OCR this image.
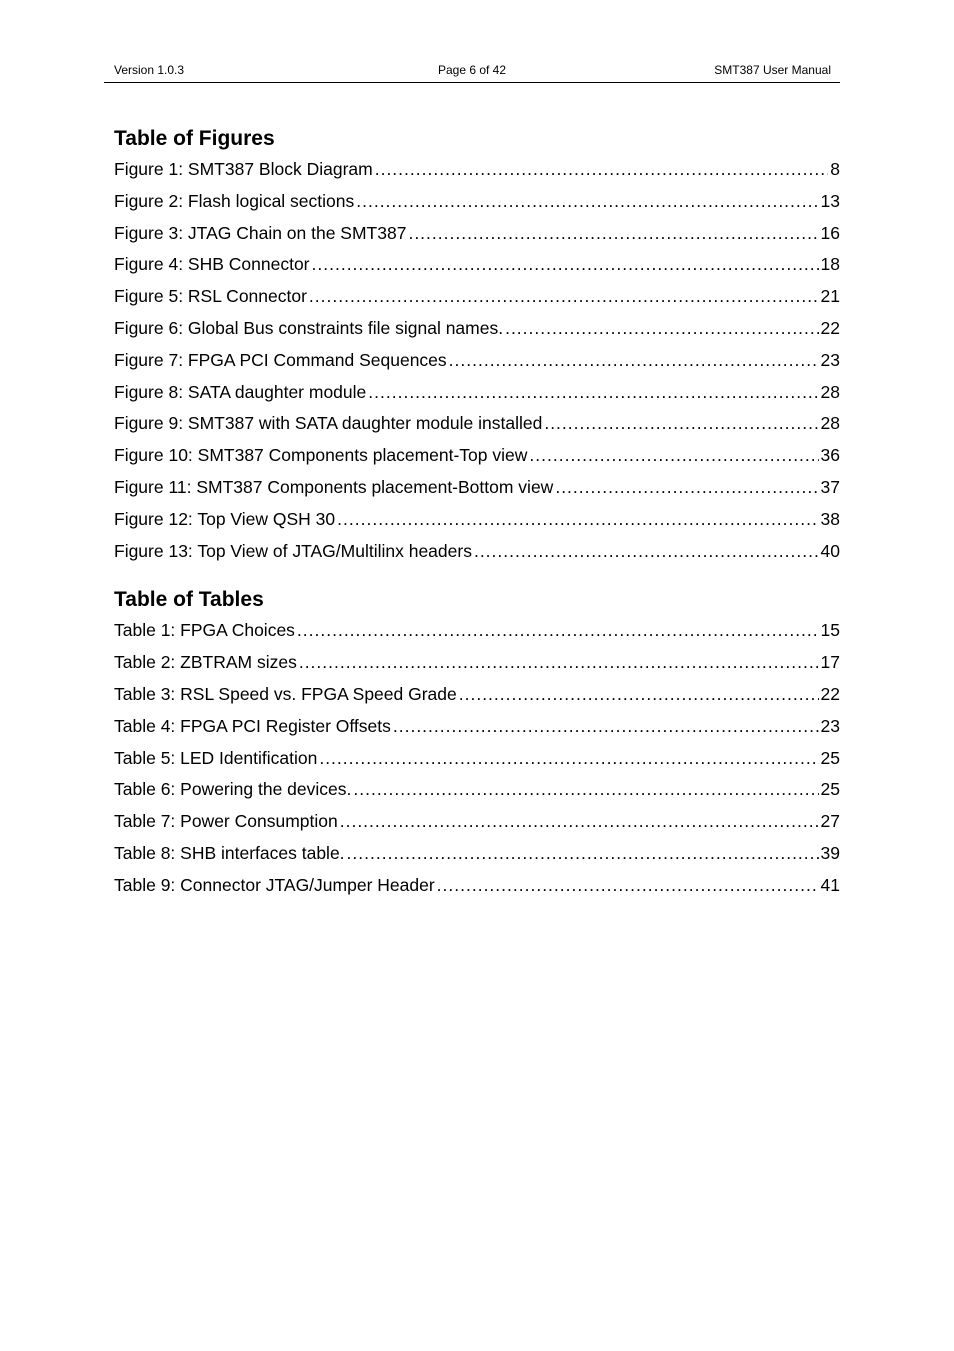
Version 1.0.3	Page 6 of 42	SMT387 User Manual
Table of Figures
Figure 1: SMT387 Block Diagram .....	8
Figure 2: Flash logical sections .....	13
Figure 3: JTAG Chain on the SMT387 .....	16
Figure 4: SHB Connector .....	18
Figure 5: RSL Connector .....	21
Figure 6: Global Bus constraints file signal names. .....	22
Figure 7: FPGA PCI Command Sequences .....	23
Figure 8: SATA daughter module .....	28
Figure 9: SMT387 with SATA daughter module installed .....	28
Figure 10: SMT387 Components placement-Top view .....	36
Figure 11: SMT387 Components placement-Bottom view .....	37
Figure 12: Top View QSH 30 .....	38
Figure 13: Top View of JTAG/Multilinx headers .....	40
Table of Tables
Table 1: FPGA Choices .....	15
Table 2: ZBTRAM sizes .....	17
Table 3: RSL Speed vs. FPGA Speed Grade .....	22
Table 4: FPGA PCI Register Offsets .....	23
Table 5: LED Identification .....	25
Table 6: Powering the devices. .....	25
Table 7: Power Consumption .....	27
Table 8: SHB interfaces table. .....	39
Table 9: Connector JTAG/Jumper Header .....	41
